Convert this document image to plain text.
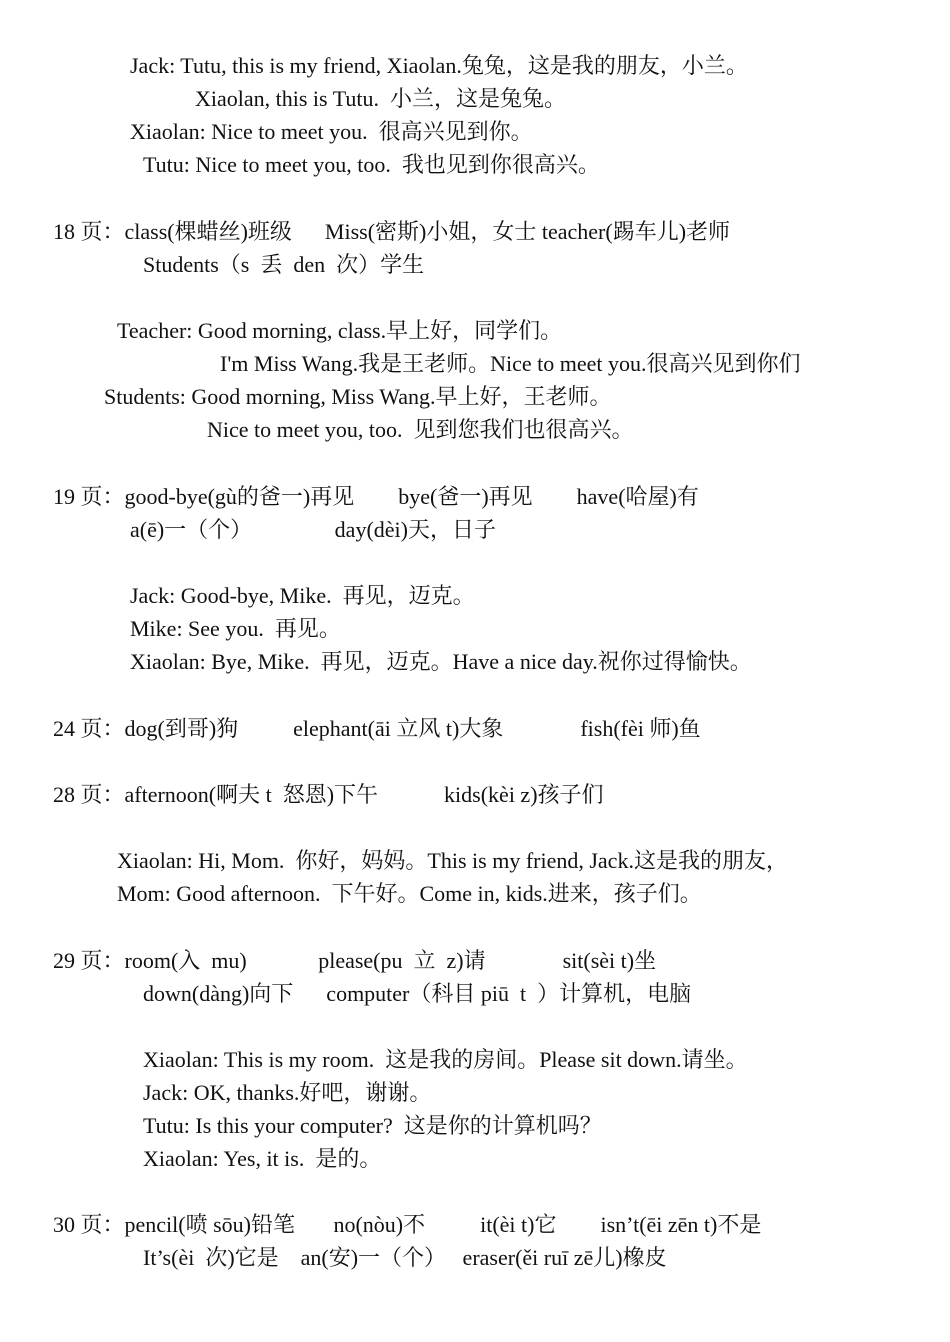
Jack: Tutu, this is my friend, Xiaolan.兔兔，这是我的朋友，小兰。
Xiaolan, this is Tutu.  小兰，这是兔兔。
Xiaolan: Nice to meet you.  很高兴见到你。
Tutu: Nice to meet you, too.  我也见到你很高兴。
18 页：class(棵蜡丝)班级      Miss(密斯)小姐，女士 teacher(踢车儿)老师
Students（s  丢  den  次）学生
Teacher: Good morning, class.早上好，同学们。
I'm Miss Wang.我是王老师。Nice to meet you.很高兴见到你们
Students: Good morning, Miss Wang.早上好，王老师。
Nice to meet you, too.  见到您我们也很高兴。
19 页：good-bye(gù的爸一)再见        bye(爸一)再见        have(哈屋)有
a(ē)一（个）               day(dèi)天，日子
Jack: Good-bye, Mike.  再见，迈克。
Mike: See you.  再见。
Xiaolan: Bye, Mike.  再见，迈克。Have a nice day.祝你过得愉快。
24 页：dog(到哥)狗          elephant(āi 立风 t)大象              fish(fèi 师)鱼
28 页：afternoon(啊夫 t  怒恩)下午            kids(kèi z)孩子们
Xiaolan: Hi, Mom.  你好，妈妈。This is my friend, Jack.这是我的朋友，
Mom: Good afternoon.  下午好。Come in, kids.进来，孩子们。
29 页：room(入  mu)             please(pu  立  z)请              sit(sèi t)坐
down(dàng)向下      computer（科目 piū  t  ）计算机，电脑
Xiaolan: This is my room.  这是我的房间。Please sit down.请坐。
Jack: OK, thanks.好吧，谢谢。
Tutu: Is this your computer?  这是你的计算机吗？
Xiaolan: Yes, it is.  是的。
30 页：pencil(喷 sōu)铅笔       no(nòu)不          it(èi t)它        isn’t(ēi zēn t)不是
It’s(èi  次)它是    an(安)一（个）   eraser(ěi ruī zē儿)橡皮
